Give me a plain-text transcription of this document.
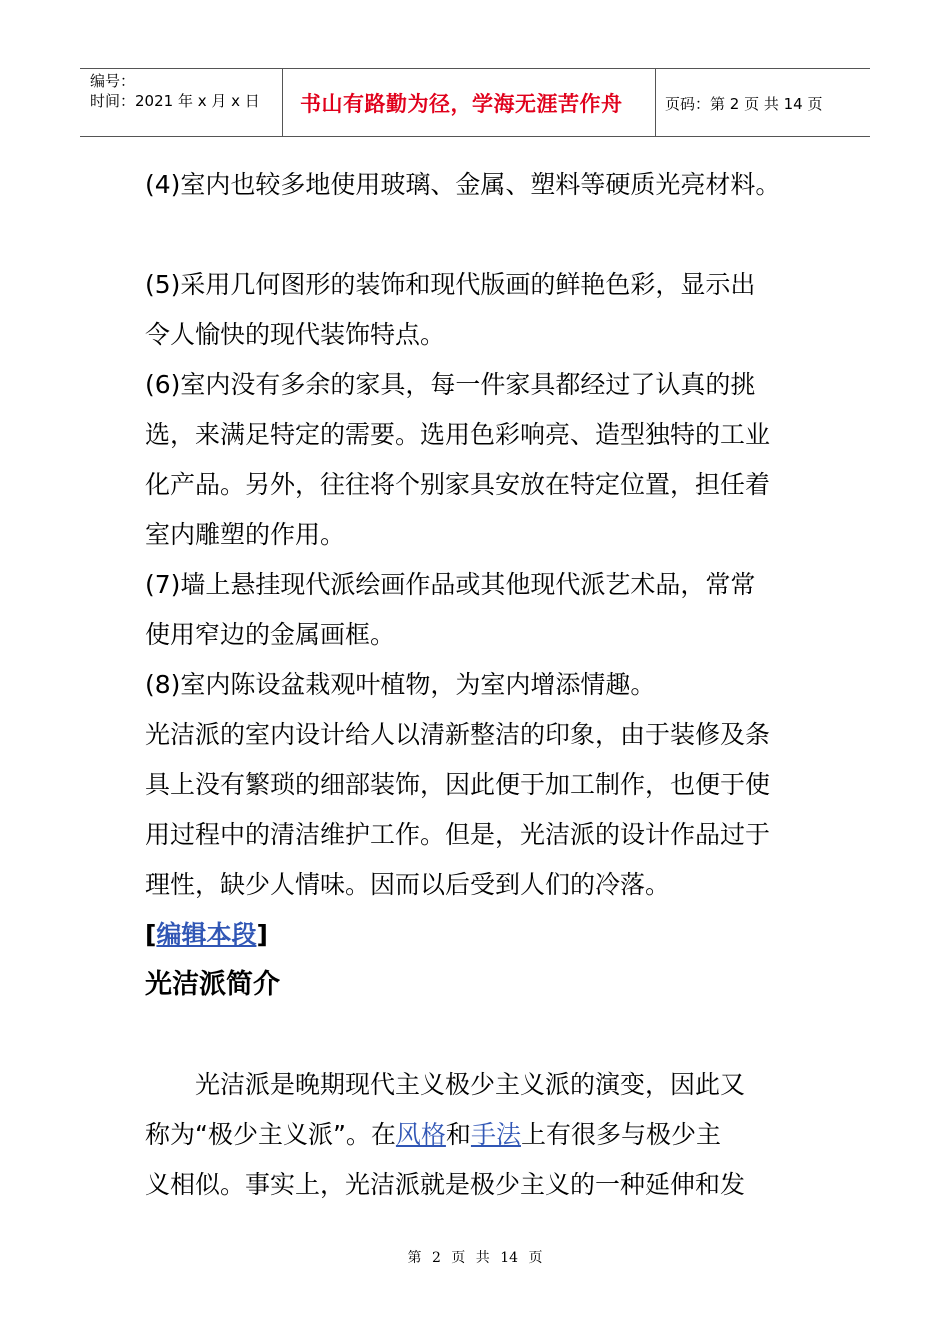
编号：
时间：2021 年 x 月 x 日 书山有路勤为径，学海无涯苦作舟	页码：第 2 页 共 14 页

(4)室内也较多地使用玻璃、金属、塑料等硬质光亮材料。

(5)采用几何图形的装饰和现代版画的鲜艳色彩，显示出

令人愉快的现代装饰特点。

(6)室内没有多余的家具，每一件家具都经过了认真的挑

选，来满足特定的需要。选用色彩响亮、造型独特的工业

化产品。另外，往往将个别家具安放在特定位置，担任着

室内雕塑的作用。

(7)墙上悬挂现代派绘画作品或其他现代派艺术品，常常

使用窄边的金属画框。

(8)室内陈设盆栽观叶植物，为室内增添情趣。

光洁派的室内设计给人以清新整洁的印象，由于装修及条

具上没有繁琐的细部装饰，因此便于加工制作，也便于使

用过程中的清洁维护工作。但是，光洁派的设计作品过于

理性，缺少人情味。因而以后受到人们的冷落。

[编辑本段]

光洁派简介

光洁派是晚期现代主义极少主义派的演变，因此又

称为“极少主义派”。在风格和手法上有很多与极少主

义相似。事实上，光洁派就是极少主义的一种延伸和发

第 2 页 共 14 页
